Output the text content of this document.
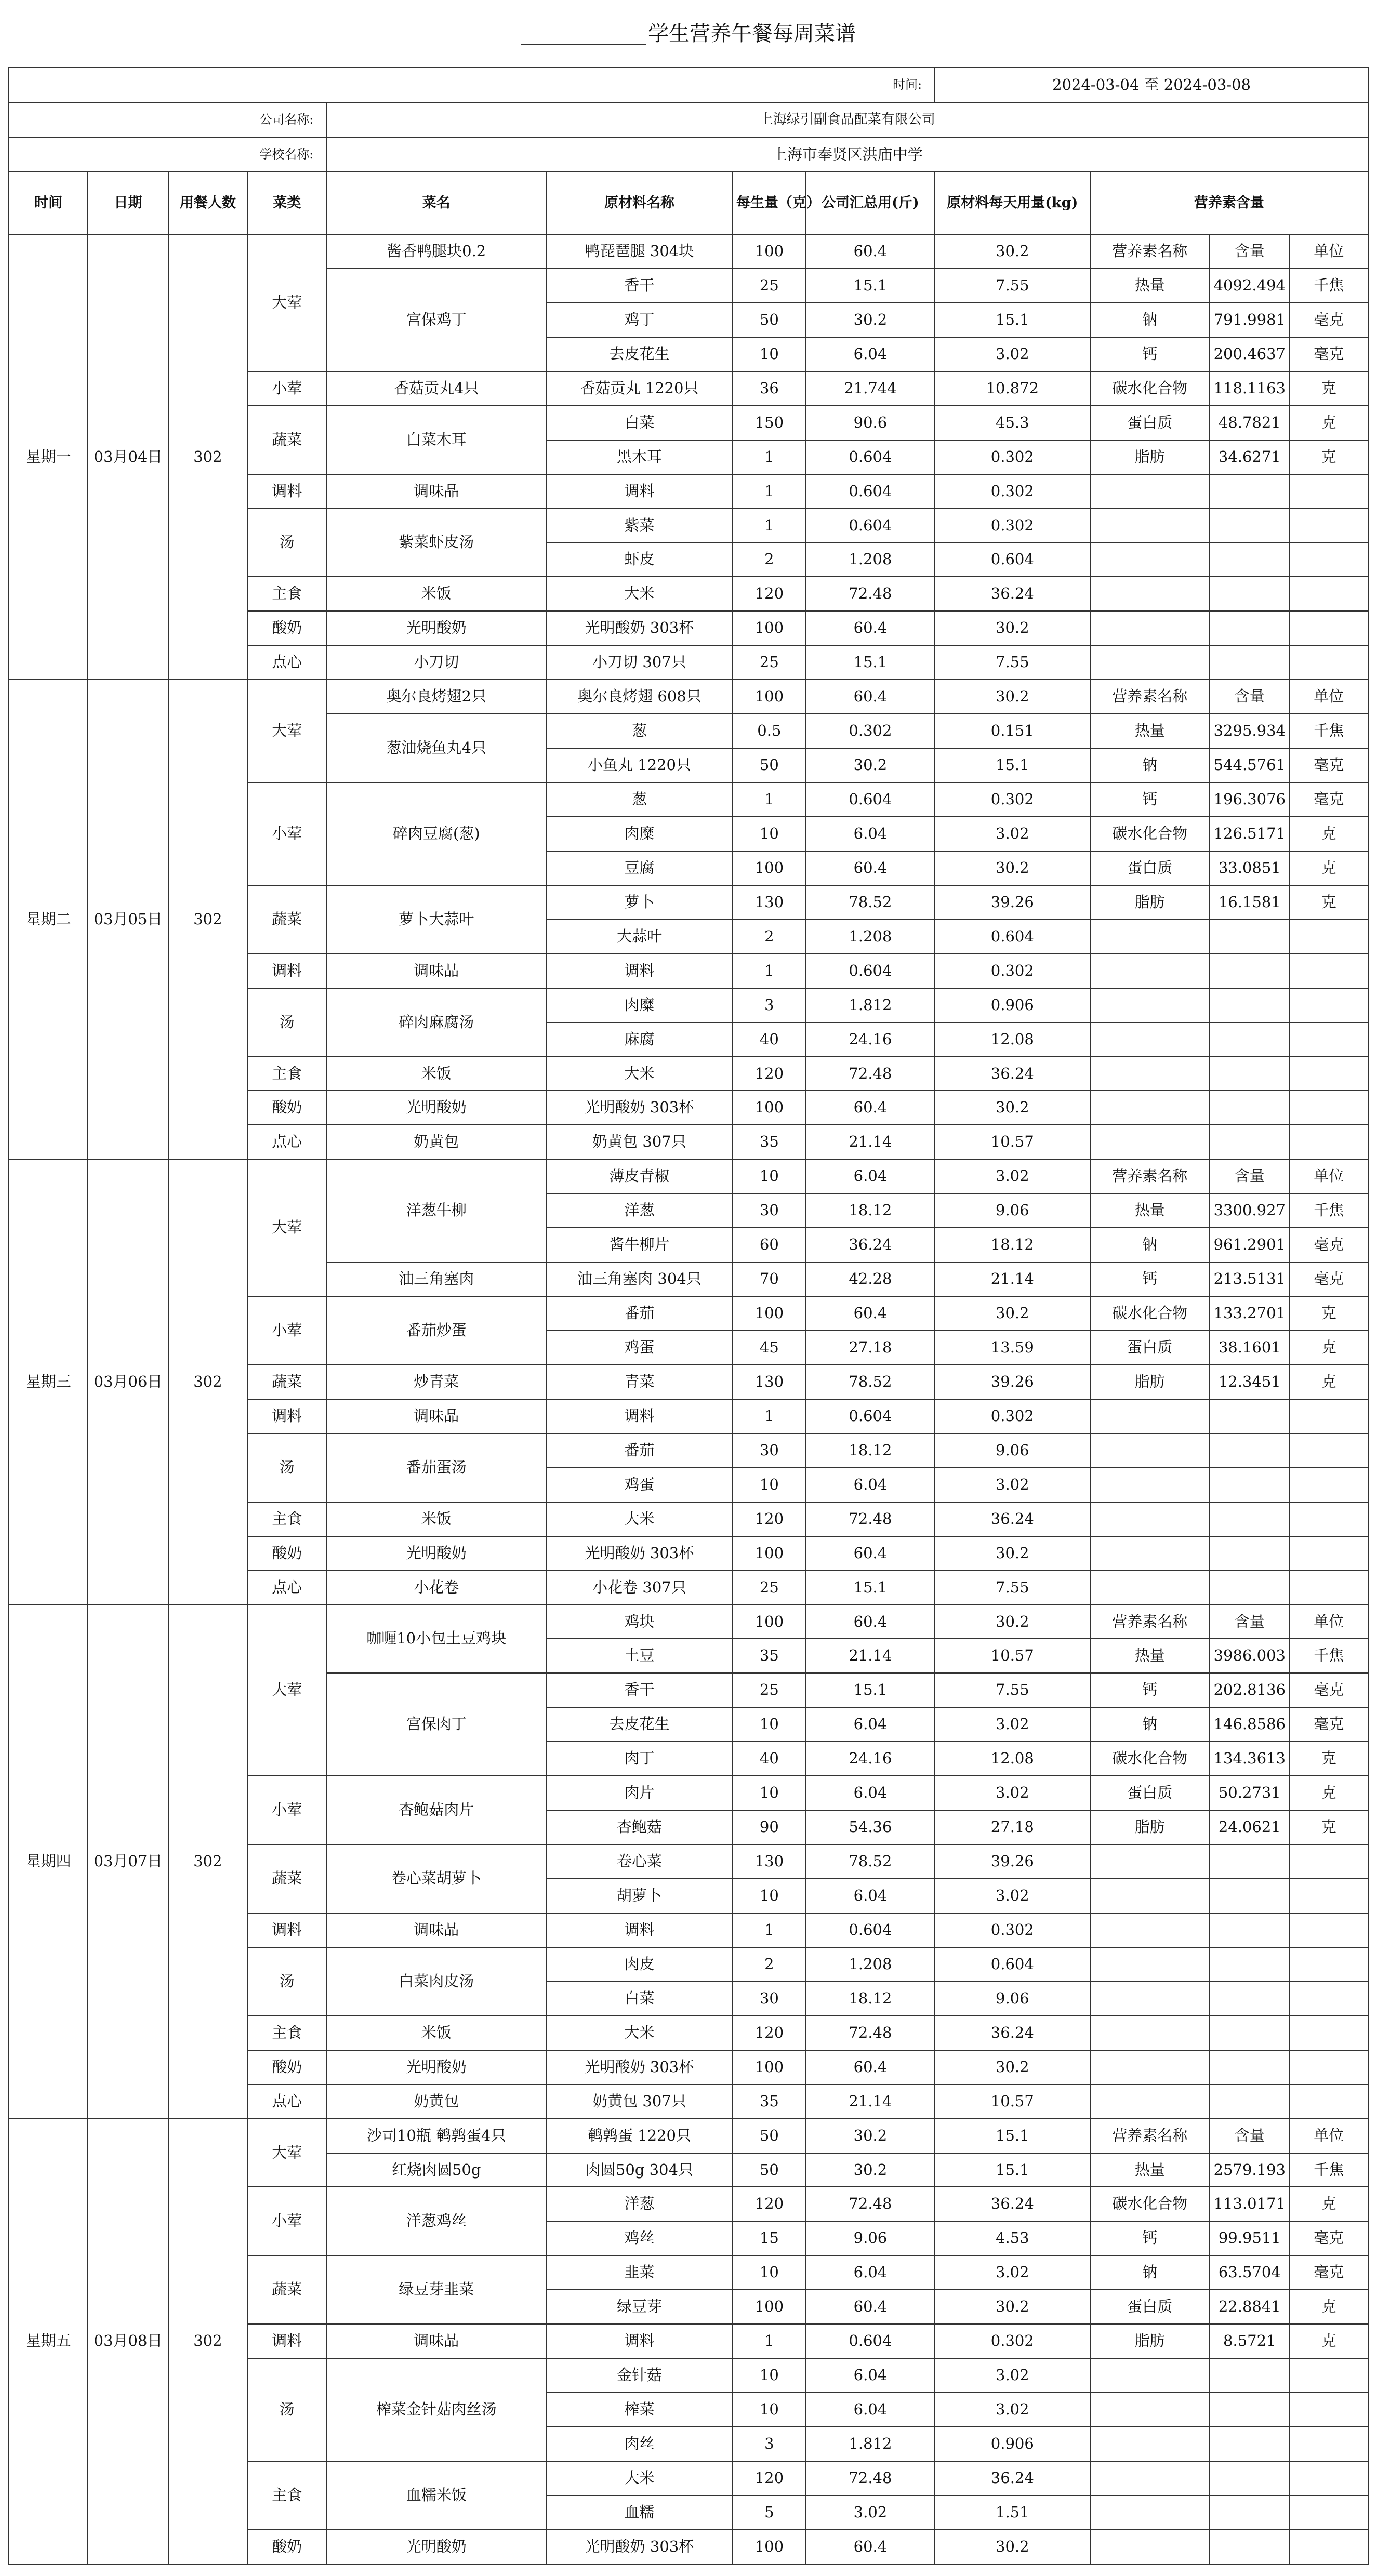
学生营养午餐每周菜谱											
时间:								2024-03-04 至 2024-03-08			
公司名称:				上海绿引副食品配菜有限公司							
学校名称:				上海市奉贤区洪庙中学							
时间	日期	用餐人数	菜类	菜名	原材料名称	每生量（克）	公司汇总用(斤)	原材料每天用量(kg)	营养素含量		
星期一	03月04日	302	大荤	酱香鸭腿块0.2	鸭琵琶腿 304块	100	60.4	30.2	营养素名称	含量	单位
				宫保鸡丁	香干	25	15.1	7.55	热量	4092.494	千焦
					鸡丁	50	30.2	15.1	钠	791.9981	毫克
					去皮花生	10	6.04	3.02	钙	200.4637	毫克
			小荤	香菇贡丸4只	香菇贡丸 1220只	36	21.744	10.872	碳水化合物	118.1163	克
			蔬菜	白菜木耳	白菜	150	90.6	45.3	蛋白质	48.7821	克
					黑木耳	1	0.604	0.302	脂肪	34.6271	克
			调料	调味品	调料	1	0.604	0.302			
			汤	紫菜虾皮汤	紫菜	1	0.604	0.302			
					虾皮	2	1.208	0.604			
			主食	米饭	大米	120	72.48	36.24			
			酸奶	光明酸奶	光明酸奶 303杯	100	60.4	30.2			
			点心	小刀切	小刀切 307只	25	15.1	7.55			
星期二	03月05日	302	大荤	奥尔良烤翅2只	奥尔良烤翅 608只	100	60.4	30.2	营养素名称	含量	单位
				葱油烧鱼丸4只	葱	0.5	0.302	0.151	热量	3295.934	千焦
					小鱼丸 1220只	50	30.2	15.1	钠	544.5761	毫克
			小荤	碎肉豆腐(葱)	葱	1	0.604	0.302	钙	196.3076	毫克
					肉糜	10	6.04	3.02	碳水化合物	126.5171	克
					豆腐	100	60.4	30.2	蛋白质	33.0851	克
			蔬菜	萝卜大蒜叶	萝卜	130	78.52	39.26	脂肪	16.1581	克
					大蒜叶	2	1.208	0.604			
			调料	调味品	调料	1	0.604	0.302			
			汤	碎肉麻腐汤	肉糜	3	1.812	0.906			
					麻腐	40	24.16	12.08			
			主食	米饭	大米	120	72.48	36.24			
			酸奶	光明酸奶	光明酸奶 303杯	100	60.4	30.2			
			点心	奶黄包	奶黄包 307只	35	21.14	10.57			
星期三	03月06日	302	大荤	洋葱牛柳	薄皮青椒	10	6.04	3.02	营养素名称	含量	单位
					洋葱	30	18.12	9.06	热量	3300.927	千焦
					酱牛柳片	60	36.24	18.12	钠	961.2901	毫克
				油三角塞肉	油三角塞肉 304只	70	42.28	21.14	钙	213.5131	毫克
			小荤	番茄炒蛋	番茄	100	60.4	30.2	碳水化合物	133.2701	克
					鸡蛋	45	27.18	13.59	蛋白质	38.1601	克
			蔬菜	炒青菜	青菜	130	78.52	39.26	脂肪	12.3451	克
			调料	调味品	调料	1	0.604	0.302			
			汤	番茄蛋汤	番茄	30	18.12	9.06			
					鸡蛋	10	6.04	3.02			
			主食	米饭	大米	120	72.48	36.24			
			酸奶	光明酸奶	光明酸奶 303杯	100	60.4	30.2			
			点心	小花卷	小花卷 307只	25	15.1	7.55			
星期四	03月07日	302	大荤	咖喱10小包土豆鸡块	鸡块	100	60.4	30.2	营养素名称	含量	单位
					土豆	35	21.14	10.57	热量	3986.003	千焦
				宫保肉丁	香干	25	15.1	7.55	钙	202.8136	毫克
					去皮花生	10	6.04	3.02	钠	146.8586	毫克
					肉丁	40	24.16	12.08	碳水化合物	134.3613	克
			小荤	杏鲍菇肉片	肉片	10	6.04	3.02	蛋白质	50.2731	克
					杏鲍菇	90	54.36	27.18	脂肪	24.0621	克
			蔬菜	卷心菜胡萝卜	卷心菜	130	78.52	39.26			
					胡萝卜	10	6.04	3.02			
			调料	调味品	调料	1	0.604	0.302			
			汤	白菜肉皮汤	肉皮	2	1.208	0.604			
					白菜	30	18.12	9.06			
			主食	米饭	大米	120	72.48	36.24			
			酸奶	光明酸奶	光明酸奶 303杯	100	60.4	30.2			
			点心	奶黄包	奶黄包 307只	35	21.14	10.57			
星期五	03月08日	302	大荤	沙司10瓶 鹌鹑蛋4只	鹌鹑蛋 1220只	50	30.2	15.1	营养素名称	含量	单位
				红烧肉圆50g	肉圆50g 304只	50	30.2	15.1	热量	2579.193	千焦
			小荤	洋葱鸡丝	洋葱	120	72.48	36.24	碳水化合物	113.0171	克
					鸡丝	15	9.06	4.53	钙	99.9511	毫克
			蔬菜	绿豆芽韭菜	韭菜	10	6.04	3.02	钠	63.5704	毫克
					绿豆芽	100	60.4	30.2	蛋白质	22.8841	克
			调料	调味品	调料	1	0.604	0.302	脂肪	8.5721	克
			汤	榨菜金针菇肉丝汤	金针菇	10	6.04	3.02			
					榨菜	10	6.04	3.02			
					肉丝	3	1.812	0.906			
			主食	血糯米饭	大米	120	72.48	36.24			
					血糯	5	3.02	1.51			
			酸奶	光明酸奶	光明酸奶 303杯	100	60.4	30.2			
